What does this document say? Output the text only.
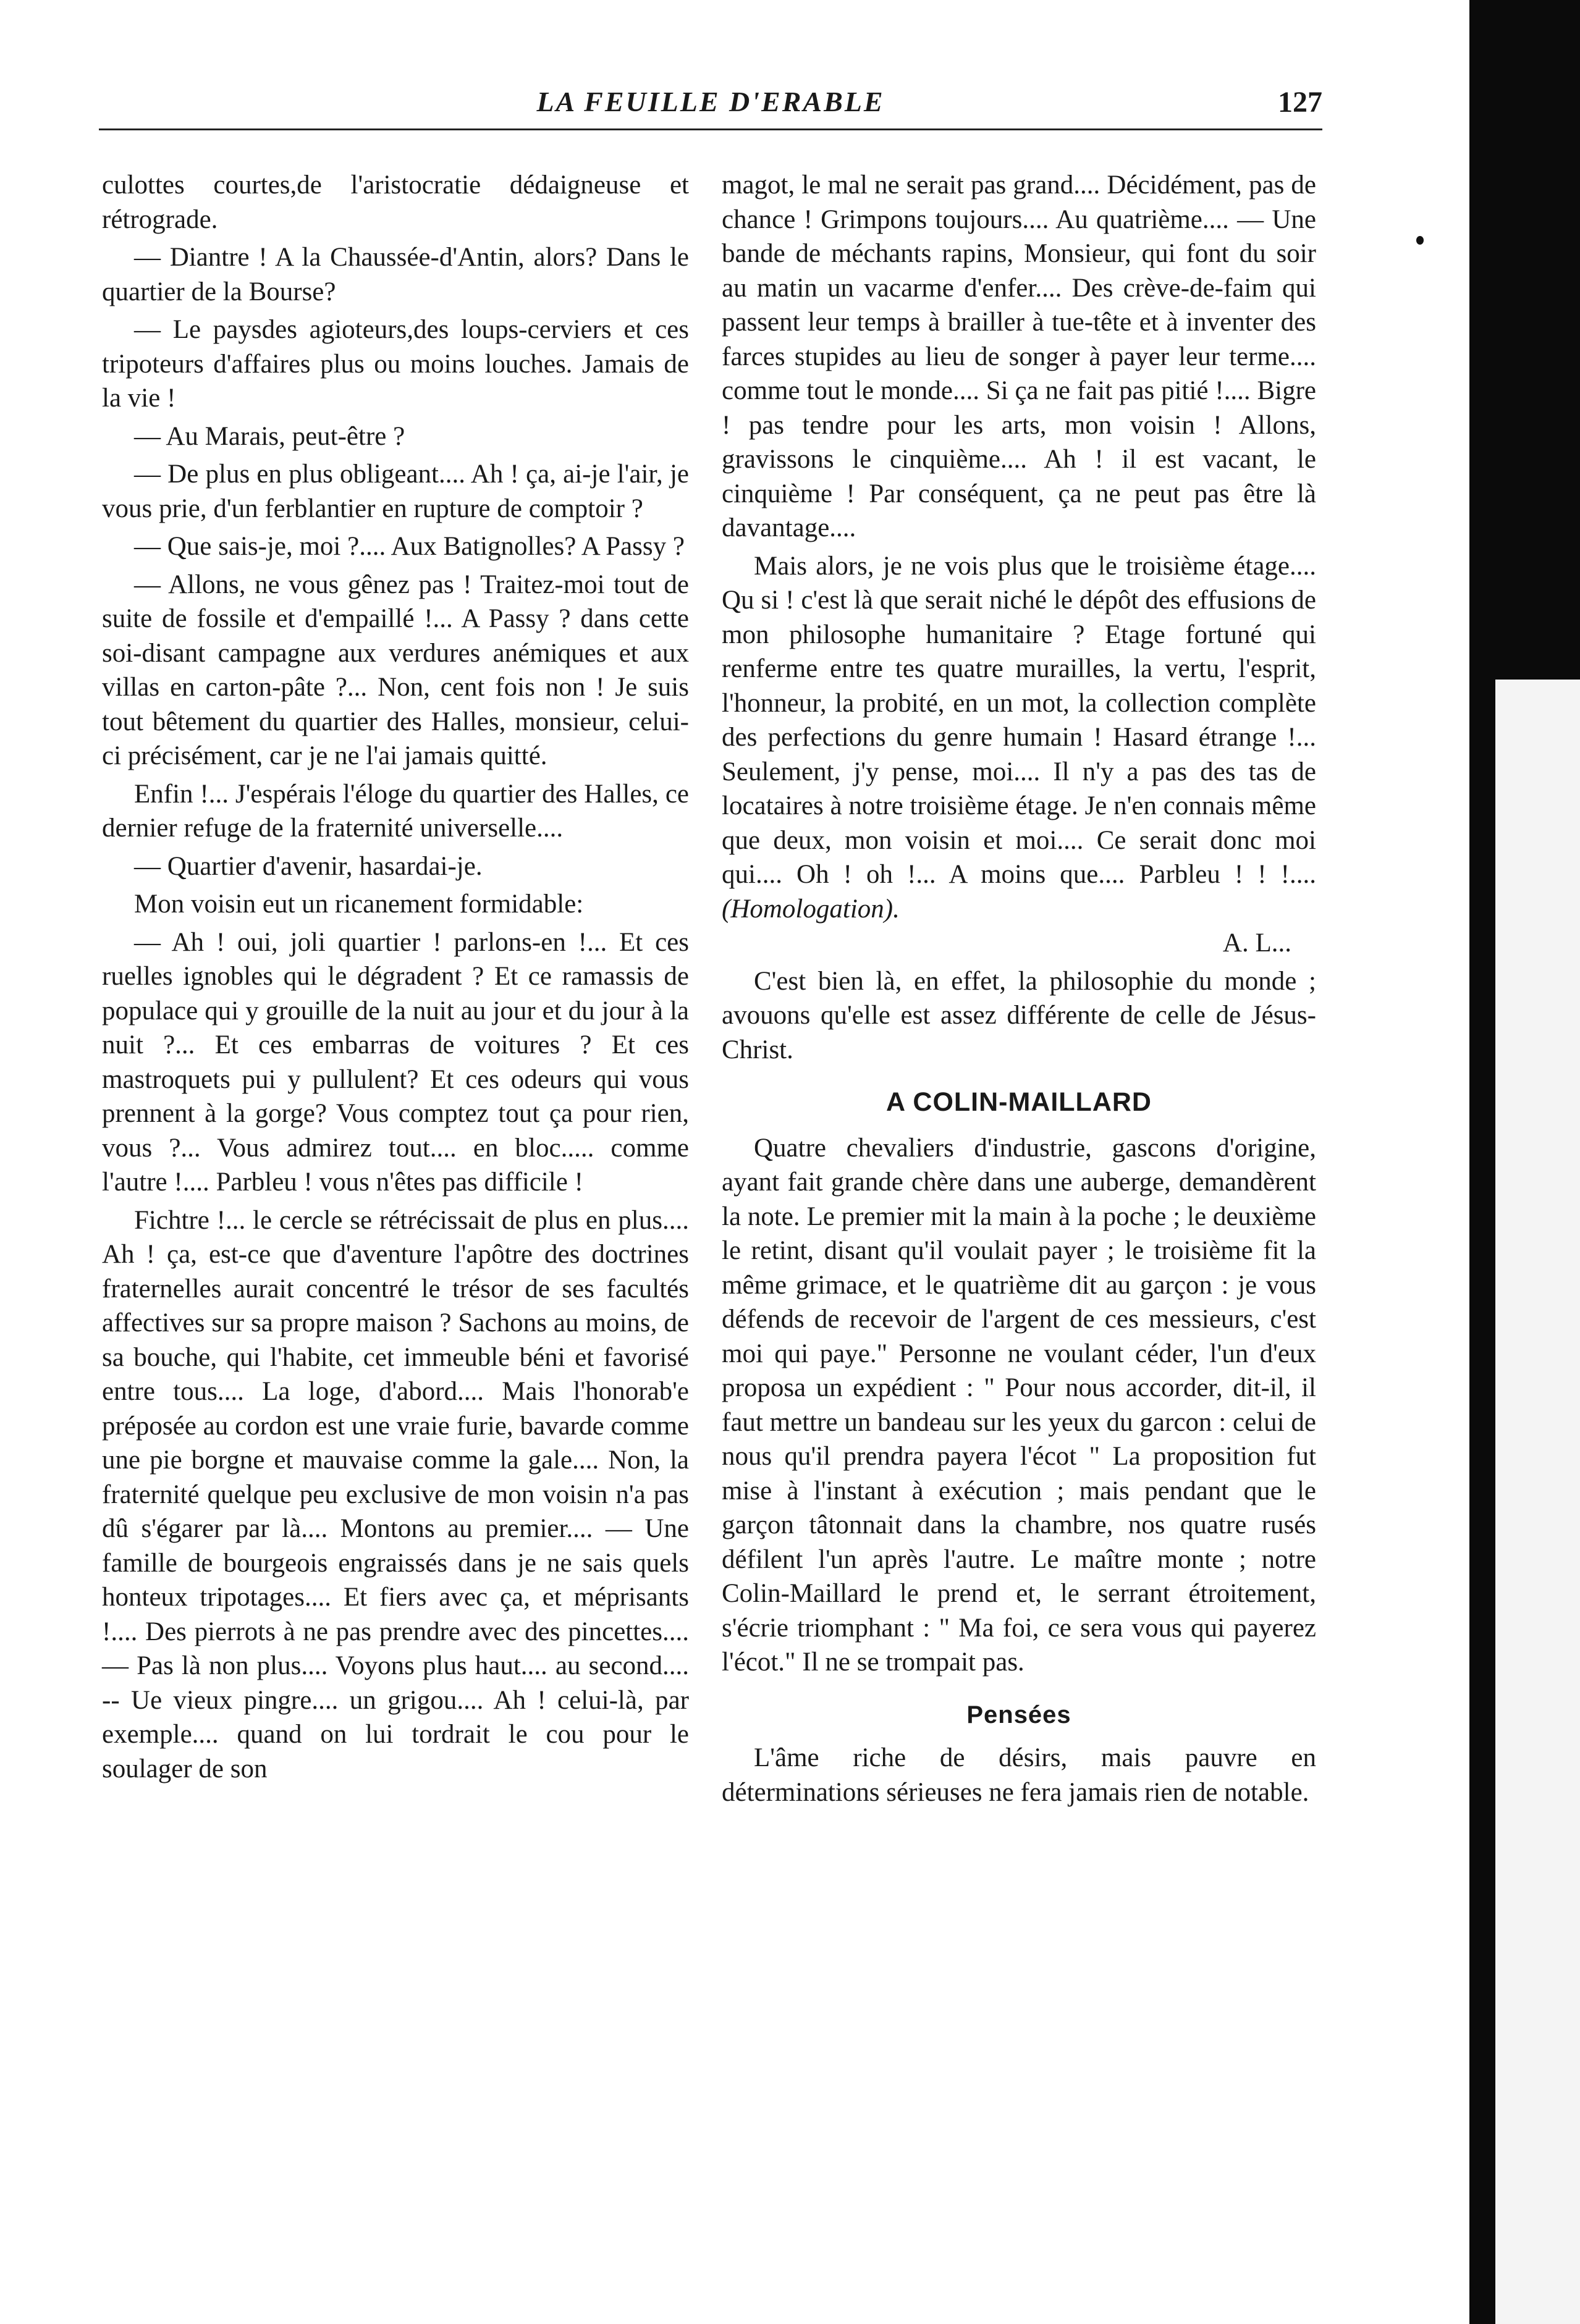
LA FEUILLE D'ERABLE	127

culottes courtes,de l'aristocratie dédaigneuse et rétrograde.

— Diantre ! A la Chaussée-d'Antin, alors? Dans le quartier de la Bourse?

— Le paysdes agioteurs,des loups-cerviers et ces tripoteurs d'affaires plus ou moins louches. Jamais de la vie !

— Au Marais, peut-être ?

— De plus en plus obligeant.... Ah ! ça, ai-je l'air, je vous prie, d'un ferblantier en rupture de comptoir ?

— Que sais-je, moi ?.... Aux Batignolles? A Passy ?

— Allons, ne vous gênez pas ! Traitez-moi tout de suite de fossile et d'empaillé !... A Passy ? dans cette soi-disant campagne aux verdures anémiques et aux villas en carton-pâte ?... Non, cent fois non ! Je suis tout bêtement du quartier des Halles, monsieur, celui-ci précisément, car je ne l'ai jamais quitté.

Enfin !... J'espérais l'éloge du quartier des Halles, ce dernier refuge de la fraternité universelle....

— Quartier d'avenir, hasardai-je.

Mon voisin eut un ricanement formidable:

— Ah ! oui, joli quartier ! parlons-en !... Et ces ruelles ignobles qui le dégradent ? Et ce ramassis de populace qui y grouille de la nuit au jour et du jour à la nuit ?... Et ces embarras de voitures ? Et ces mastroquets pui y pullulent? Et ces odeurs qui vous prennent à la gorge? Vous comptez tout ça pour rien, vous ?... Vous admirez tout.... en bloc..... comme l'autre !.... Parbleu ! vous n'êtes pas difficile !

Fichtre !... le cercle se rétrécissait de plus en plus.... Ah ! ça, est-ce que d'aventure l'apôtre des doctrines fraternelles aurait concentré le trésor de ses facultés affectives sur sa propre maison ? Sachons au moins, de sa bouche, qui l'habite, cet immeuble béni et favorisé entre tous.... La loge, d'abord.... Mais l'honorab'e préposée au cordon est une vraie furie, bavarde comme une pie borgne et mauvaise comme la gale.... Non, la fraternité quelque peu exclusive de mon voisin n'a pas dû s'égarer par là.... Montons au premier.... — Une famille de bourgeois engraissés dans je ne sais quels honteux tripotages.... Et fiers avec ça, et méprisants !.... Des pierrots à ne pas prendre avec des pincettes.... — Pas là non plus.... Voyons plus haut.... au second.... -- Ue vieux pingre.... un grigou.... Ah ! celui-là, par exemple.... quand on lui tordrait le cou pour le soulager de son

magot, le mal ne serait pas grand.... Décidément, pas de chance ! Grimpons toujours.... Au quatrième.... — Une bande de méchants rapins, Monsieur, qui font du soir au matin un vacarme d'enfer.... Des crève-de-faim qui passent leur temps à brailler à tue-tête et à inventer des farces stupides au lieu de songer à payer leur terme.... comme tout le monde.... Si ça ne fait pas pitié !.... Bigre ! pas tendre pour les arts, mon voisin ! Allons, gravissons le cinquième.... Ah ! il est vacant, le cinquième ! Par conséquent, ça ne peut pas être là davantage....

Mais alors, je ne vois plus que le troisième étage.... Qu si ! c'est là que serait niché le dépôt des effusions de mon philosophe humanitaire ? Etage fortuné qui renferme entre tes quatre murailles, la vertu, l'esprit, l'honneur, la probité, en un mot, la collection complète des perfections du genre humain ! Hasard étrange !... Seulement, j'y pense, moi.... Il n'y a pas des tas de locataires à notre troisième étage. Je n'en connais même que deux, mon voisin et moi.... Ce serait donc moi qui.... Oh ! oh !... A moins que.... Parbleu ! ! !.... (Homologation).

A. L...

C'est bien là, en effet, la philosophie du monde ; avouons qu'elle est assez différente de celle de Jésus-Christ.

A COLIN-MAILLARD

Quatre chevaliers d'industrie, gascons d'origine, ayant fait grande chère dans une auberge, demandèrent la note. Le premier mit la main à la poche ; le deuxième le retint, disant qu'il voulait payer ; le troisième fit la même grimace, et le quatrième dit au garçon : je vous défends de recevoir de l'argent de ces messieurs, c'est moi qui paye." Personne ne voulant céder, l'un d'eux proposa un expédient : " Pour nous accorder, dit-il, il faut mettre un bandeau sur les yeux du garcon : celui de nous qu'il prendra payera l'écot " La proposition fut mise à l'instant à exécution ; mais pendant que le garçon tâtonnait dans la chambre, nos quatre rusés défilent l'un après l'autre. Le maître monte ; notre Colin-Maillard le prend et, le serrant étroitement, s'écrie triomphant : " Ma foi, ce sera vous qui payerez l'écot." Il ne se trompait pas.

Pensées

L'âme riche de désirs, mais pauvre en déterminations sérieuses ne fera jamais rien de notable.
